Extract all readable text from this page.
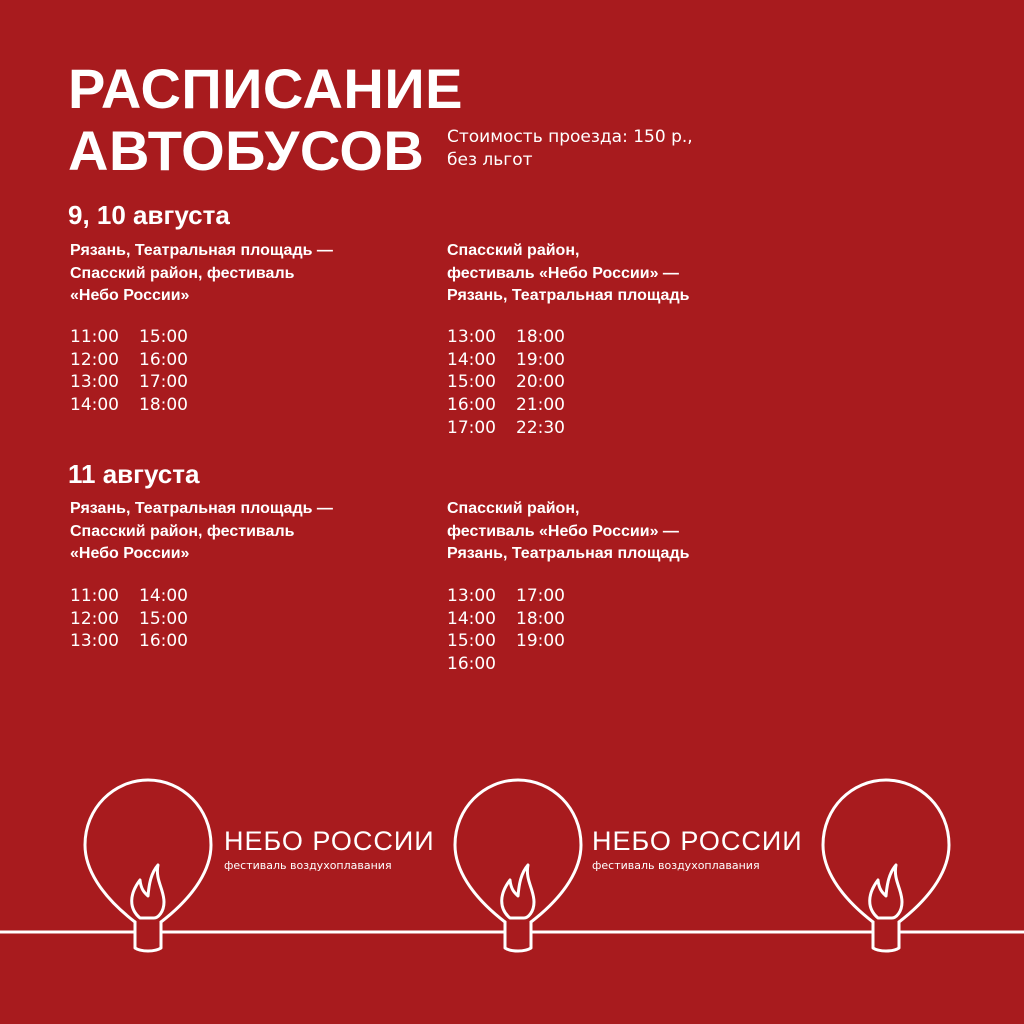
РАСПИСАНИЕ
АВТОБУСОВ	Стоимость проезда: 150 р.,
без льгот
9, 10 августа
Рязань, Театральная площадь —
Спасский район, фестиваль
«Небо России»
11:00
12:00
13:00
14:00
15:00
16:00
17:00
18:00
Спасский район,
фестиваль «Небо России» —
Рязань, Театральная площадь
13:00
14:00
15:00
16:00
17:00
18:00
19:00
20:00
21:00
22:30
11 августа
Рязань, Театральная площадь —
Спасский район, фестиваль
«Небо России»
11:00
12:00
13:00
14:00
15:00
16:00
Спасский район,
фестиваль «Небо России» —
Рязань, Театральная площадь
13:00
14:00
15:00
16:00
17:00
18:00
19:00
НЕБО РОССИИ
фестиваль воздухоплавания
НЕБО РОССИИ
фестиваль воздухоплавания
